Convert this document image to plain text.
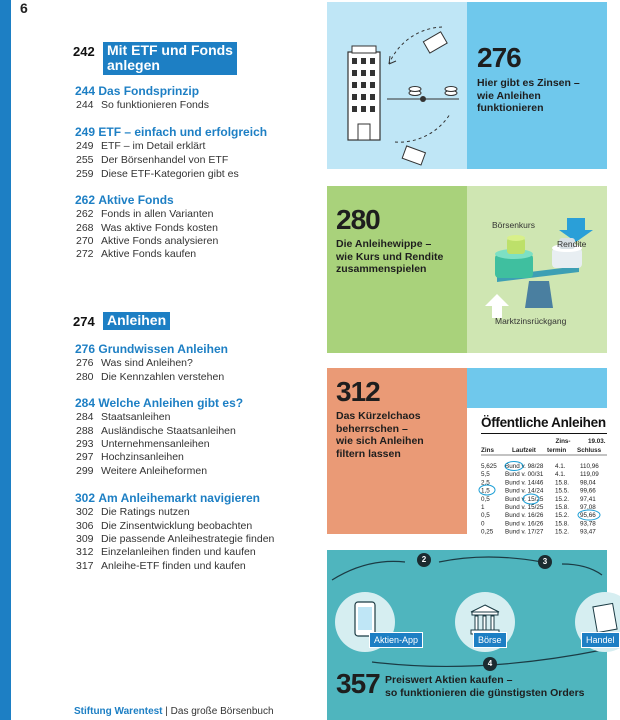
6
242 Mit ETF und Fonds
anlegen
274 Anleihen
244 Das Fondsprinzip
244 So funktionieren Fonds
249 ETF – einfach und erfolgreich
249 ETF – im Detail erklärt
255 Der Börsenhandel von ETF
259 Diese ETF-Kategorien gibt es
262 Aktive Fonds
262 Fonds in allen Varianten
268 Was aktive Fonds kosten
270 Aktive Fonds analysieren
272 Aktive Fonds kaufen
276 Grundwissen Anleihen
276 Was sind Anleihen?
280 Die Kennzahlen verstehen
284 Welche Anleihen gibt es?
284 Staatsanleihen
288 Ausländische Staatsanleihen
293 Unternehmensanleihen
297 Hochzinsanleihen
299 Weitere Anleiheformen
302 Am Anleihemarkt navigieren
302 Die Ratings nutzen
306 Die Zinsentwicklung beobachten
309 Die passende Anleihestrategie finden
312 Einzelanleihen finden und kaufen
317 Anleihe-ETF finden und kaufen
Stiftung Warentest | Das große Börsenbuch
276
Hier gibt es Zinsen –
wie Anleihen
funktionieren
280
Die Anleihewippe –
wie Kurs und Rendite
zusammenspielen
Börsenkurs
Rendite
Marktzinsrückgang
312
Das Kürzelchaos
beherrschen –
wie sich Anleihen
filtern lassen
Öffentliche Anleihen
Zins-	19.03.
Zins	Laufzeit termin Schluss
5,625 Bund v. 98/28 4.1. 110,96
5,5 Bund v. 00/31 4.1. 119,09
2,5 Bund v. 14/46 15.8. 98,04
1,5 Bund v. 14/24 15.5. 99,66
0,5 Bund v. 15/25 15.2. 97,41
1	Bund v. 15/25 15.8. 97,08
0,5 Bund v. 16/26 15.2. 95,66
0	Bund v. 16/26 15.8. 93,78
0,25 Bund v. 17/27 15.2. 93,47
2	3
4
Aktien-App	Börse	Handel
357 Preiswert Aktien kaufen –
so funktionieren die günstigsten Orders
